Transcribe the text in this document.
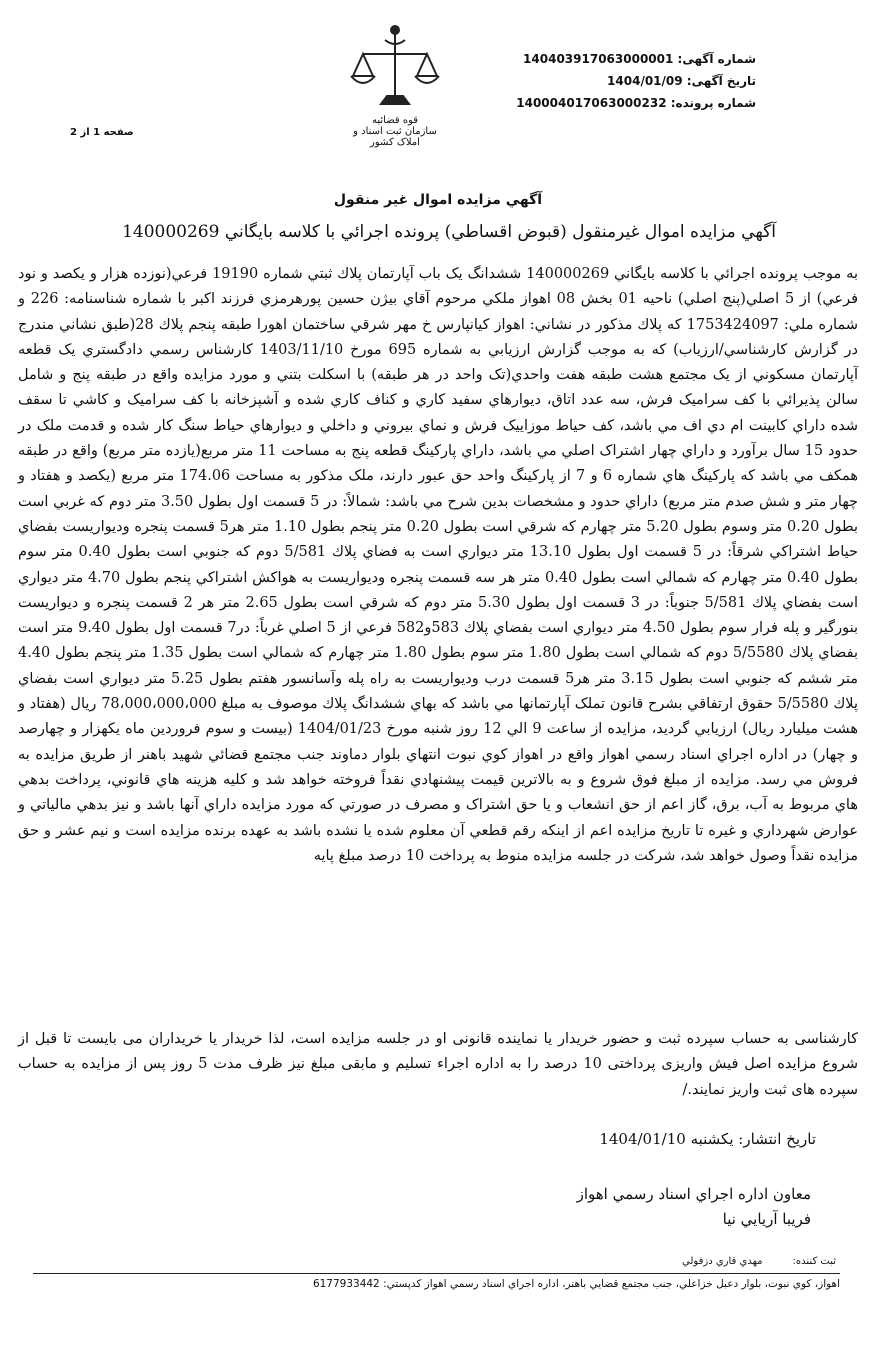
شماره آگهی: 140403917063000001
تاریخ آگهی: 1404/01/09
شماره پرونده: 140004017063000232
قوه قضائیه
سازمان ثبت اسناد و املاک کشور
صفحه 1 از 2
آگهي مزايده اموال غير منقول
آگهي مزايده اموال غيرمنقول (قبوض اقساطي) پرونده اجرائي با كلاسه بايگاني 140000269
به موجب پرونده اجرائي با كلاسه بايگاني 140000269 ششدانگ يک باب آپارتمان پلاك ثبتي شماره 19190 فرعي(نوزده هزار و يكصد و نود فرعي) از 5 اصلي(پنج اصلي) ناحيه 01 بخش 08 اهواز ملكي مرحوم آقاي بيژن حسين پورهرمزي فرزند اكبر با شماره شناسنامه: 226 و شماره ملي: 1753424097 كه پلاك مذكور در نشاني: اهواز كيانپارس خ مهر شرقي ساختمان اهورا طبقه پنجم پلاك 28(طبق نشاني مندرج در گزارش كارشناسي/ارزياب) كه به موجب گزارش ارزيابي به شماره 695 مورخ 1403/11/10 كارشناس رسمي دادگستري يک قطعه آپارتمان مسكوني از يک مجتمع هشت طبقه هفت واحدي(تک واحد در هر طبقه) با اسكلت بتني و مورد مزايده واقع در طبقه پنج و شامل سالن پذيرائي با كف سراميک فرش، سه عدد اتاق، ديوارهاي سفيد كاري و كناف كاري شده و آشپزخانه با كف سراميک و كاشي تا سقف شده داراي كابينت ام دي اف مي باشد، كف حياط موزاييک فرش و نماي بيروني و داخلي و ديوارهاي حياط سنگ كار شده و قدمت ملک در حدود 15 سال برآورد و داراي چهار اشتراک اصلي مي باشد، داراي پاركينگ قطعه پنج به مساحت 11 متر مربع(يازده متر مربع) واقع در طبقه همكف مي باشد كه پاركينگ هاي شماره 6 و 7 از پاركينگ واحد حق عبور دارند، ملک مذكور به مساحت 174.06 متر مربع (يكصد و هفتاد و چهار متر و شش صدم متر مربع) داراي حدود و مشخصات بدين شرح مي باشد: شمالاً: در 5 قسمت اول بطول 3.50 متر دوم كه غربي است بطول 0.20 متر وسوم بطول 5.20 متر چهارم كه شرقي است بطول 0.20 متر پنجم بطول 1.10 متر هر5 قسمت پنجره وديواريست بفضاي حياط اشتراكي شرقاً: در 5 قسمت اول بطول 13.10 متر ديواري است به فضاي پلاك 5/581 دوم كه جنوبي است بطول 0.40 متر سوم بطول 0.40 متر چهارم كه شمالي است بطول 0.40 متر هر سه قسمت پنجره وديواريست به هواكش اشتراكي پنجم بطول 4.70 متر ديواري است بفضاي پلاك 5/581 جنوباً: در 3 قسمت اول بطول 5.30 متر دوم كه شرقي است بطول 2.65 متر هر 2 قسمت پنجره و ديواريست بنورگير و پله فرار سوم بطول 4.50 متر ديواري است بفضاي پلاك 583و582 فرعي از 5 اصلي غرباً: در7 قسمت اول بطول 9.40 متر است بفضاي پلاك 5/5580 دوم كه شمالي است بطول 1.80 متر سوم بطول 1.80 متر چهارم كه شمالي است بطول 1.35 متر پنجم بطول 4.40 متر ششم كه جنوبي است بطول 3.15 متر هر5 قسمت درب وديواريست به راه پله وآسانسور هفتم بطول 5.25 متر ديواري است بفضاي پلاك 5/5580 حقوق ارتفاقي بشرح قانون تملک آپارتمانها مي باشد كه بهاي ششدانگ پلاك موصوف به مبلغ 78،000،000،000 ريال (هفتاد و هشت ميليارد ريال) ارزيابي گرديد، مزايده از ساعت 9 الي 12 روز شنبه مورخ 1404/01/23 (بيست و سوم فروردين ماه يكهزار و چهارصد و چهار) در اداره اجراي اسناد رسمي اهواز واقع در اهواز كوي نبوت انتهاي بلوار دماوند جنب مجتمع قضائي شهيد باهنر از طريق مزايده به فروش مي رسد. مزايده از مبلغ فوق شروع و به بالاترين قيمت پيشنهادي نقداً فروخته خواهد شد و كليه هزينه هاي قانوني، پرداخت بدهي هاي مربوط به آب، برق، گاز اعم از حق انشعاب و يا حق اشتراک و مصرف در صورتي كه مورد مزايده داراي آنها باشد و نيز بدهي مالياتي و عوارض شهرداري و غيره تا تاريخ مزايده اعم از اينكه رقم قطعي آن معلوم شده يا نشده باشد به عهده برنده مزايده است و نيم عشر و حق مزايده نقداً وصول خواهد شد، شركت در جلسه مزايده منوط به پرداخت 10 درصد مبلغ پايه
كارشناسی به حساب سپرده ثبت و حضور خريدار يا نماينده قانونی او در جلسه مزايده است، لذا خريدار يا خريداران می بايست تا قبل از شروع مزايده اصل فيش واريزی پرداختی 10 درصد را به اداره اجراء تسليم و مابقی مبلغ نيز ظرف مدت 5 روز پس از مزايده به حساب سپرده های ثبت واريز نمايند./
تاريخ انتشار: يكشنبه 1404/01/10
معاون اداره اجراي اسناد رسمي اهواز
فريبا آريايي نيا
ثبت كننده:مهدي قاري دزفولي
اهواز، كوي نبوت، بلوار دعبل خزاعلي، جنب مجتمع قضايي باهنر، اداره اجراي اسناد رسمي اهواز كدپستي: 6177933442
